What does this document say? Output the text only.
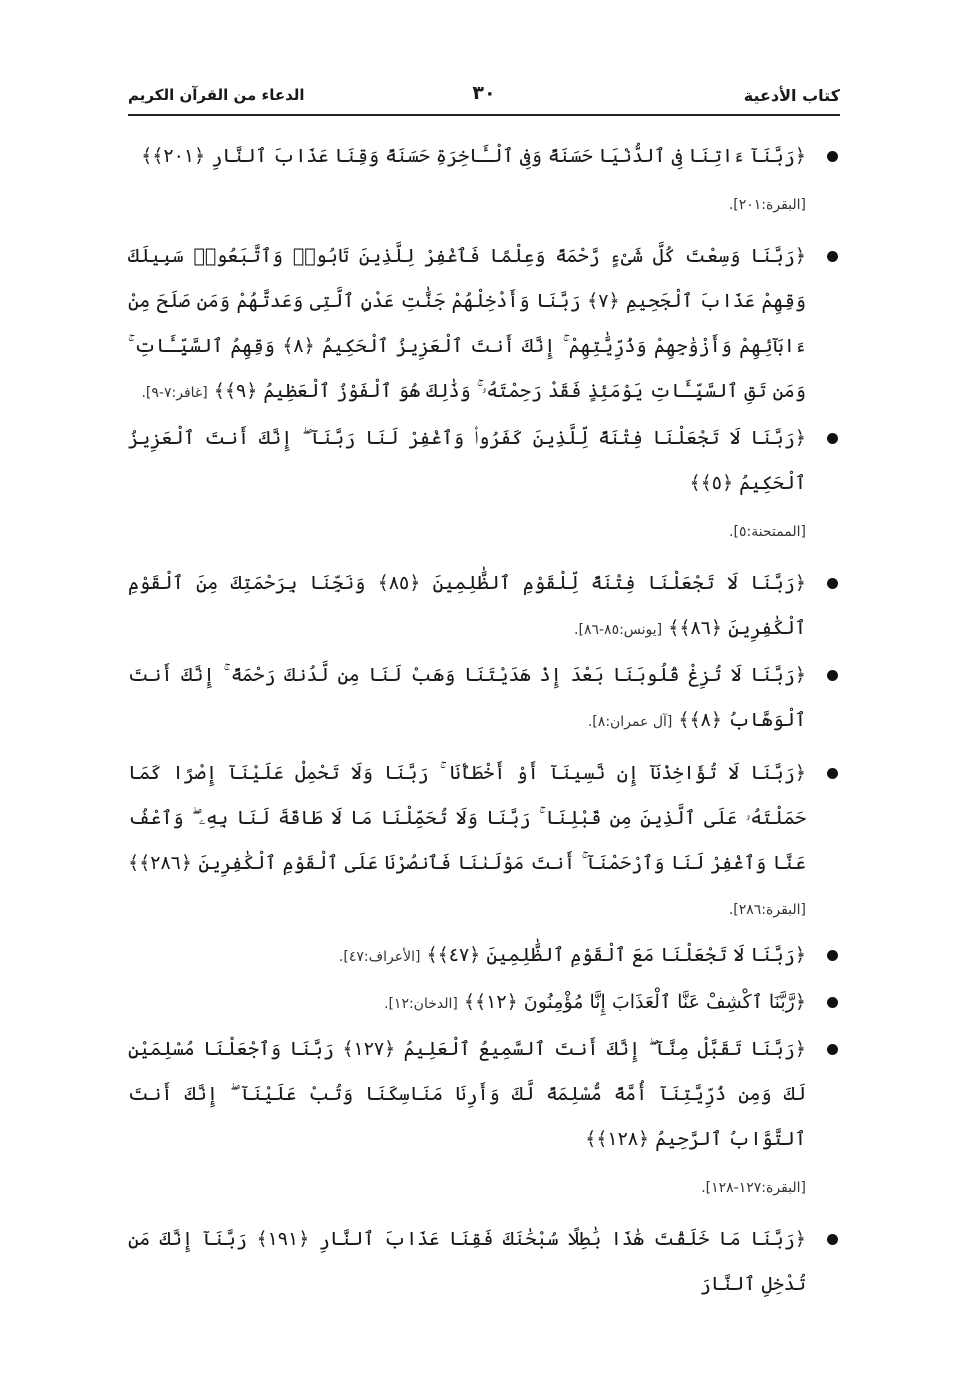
الدعاء من القرآن الكريم	٣٠	كتاب الأدعية
﴿رَبَّنَآ ءَاتِنَا فِى ٱلدُّنْيَا حَسَنَةً وَفِى ٱلْـَٔاخِرَةِ حَسَنَةً وَقِنَا عَذَابَ ٱلنَّارِ ﴿٢٠١﴾﴾
[البقرة:٢٠١].
﴿رَبَّنَا وَسِعْتَ كُلَّ شَىْءٍ رَّحْمَةً وَعِلْمًا فَٱغْفِرْ لِلَّذِينَ تَابُوا۟ وَٱتَّبَعُوا۟ سَبِيلَكَ وَقِهِمْ عَذَابَ ٱلْجَحِيمِ ﴿٧﴾ رَبَّنَا وَأَدْخِلْهُمْ جَنَّٰتِ عَدْنٍ ٱلَّتِى وَعَدتَّهُمْ وَمَن صَلَحَ مِنْ ءَابَآئِهِمْ وَأَزْوَٰجِهِمْ وَذُرِّيَّٰتِهِمْ ۚ إِنَّكَ أَنتَ ٱلْعَزِيزُ ٱلْحَكِيمُ ﴿٨﴾ وَقِهِمُ ٱلسَّيِّـَٔاتِ ۚ وَمَن تَقِ ٱلسَّيِّـَٔاتِ يَوْمَئِذٍ فَقَدْ رَحِمْتَهُۥ ۚ وَذَٰلِكَ هُوَ ٱلْفَوْزُ ٱلْعَظِيمُ ﴿٩﴾﴾ [غافر:٧-٩].
﴿رَبَّنَا لَا تَجْعَلْنَا فِتْنَةً لِّلَّذِينَ كَفَرُوا۟ وَٱغْفِرْ لَنَا رَبَّنَآ ۖ إِنَّكَ أَنتَ ٱلْعَزِيزُ ٱلْحَكِيمُ ﴿٥﴾﴾
[الممتحنة:٥].
﴿رَبَّنَا لَا تَجْعَلْنَا فِتْنَةً لِّلْقَوْمِ ٱلظَّٰلِمِينَ ﴿٨٥﴾ وَنَجِّنَا بِرَحْمَتِكَ مِنَ ٱلْقَوْمِ ٱلْكَٰفِرِينَ ﴿٨٦﴾﴾ [يونس:٨٥-٨٦].
﴿رَبَّنَا لَا تُزِغْ قُلُوبَنَا بَعْدَ إِذْ هَدَيْتَنَا وَهَبْ لَنَا مِن لَّدُنكَ رَحْمَةً ۚ إِنَّكَ أَنتَ ٱلْوَهَّابُ ﴿٨﴾﴾ [آل عمران:٨].
﴿رَبَّنَا لَا تُؤَاخِذْنَآ إِن نَّسِينَآ أَوْ أَخْطَأْنَا ۚ رَبَّنَا وَلَا تَحْمِلْ عَلَيْنَآ إِصْرًا كَمَا حَمَلْتَهُۥ عَلَى ٱلَّذِينَ مِن قَبْلِنَا ۚ رَبَّنَا وَلَا تُحَمِّلْنَا مَا لَا طَاقَةَ لَنَا بِهِۦ ۖ وَٱعْفُ عَنَّا وَٱغْفِرْ لَنَا وَٱرْحَمْنَآ ۚ أَنتَ مَوْلَىٰنَا فَٱنصُرْنَا عَلَى ٱلْقَوْمِ ٱلْكَٰفِرِينَ ﴿٢٨٦﴾﴾ [البقرة:٢٨٦].
﴿رَبَّنَا لَا تَجْعَلْنَا مَعَ ٱلْقَوْمِ ٱلظَّٰلِمِينَ ﴿٤٧﴾﴾ [الأعراف:٤٧].
﴿رَّبَّنَا ٱكْشِفْ عَنَّا ٱلْعَذَابَ إِنَّا مُؤْمِنُونَ ﴿١٢﴾﴾ [الدخان:١٢].
﴿رَبَّنَا تَقَبَّلْ مِنَّآ ۖ إِنَّكَ أَنتَ ٱلسَّمِيعُ ٱلْعَلِيمُ ﴿١٢٧﴾ رَبَّنَا وَٱجْعَلْنَا مُسْلِمَيْنِ لَكَ وَمِن ذُرِّيَّتِنَآ أُمَّةً مُّسْلِمَةً لَّكَ وَأَرِنَا مَنَاسِكَنَا وَتُبْ عَلَيْنَآ ۖ إِنَّكَ أَنتَ ٱلتَّوَّابُ ٱلرَّحِيمُ ﴿١٢٨﴾﴾
[البقرة:١٢٧-١٢٨].
﴿رَبَّنَا مَا خَلَقْتَ هَٰذَا بَٰطِلًا سُبْحَٰنَكَ فَقِنَا عَذَابَ ٱلنَّارِ ﴿١٩١﴾ رَبَّنَآ إِنَّكَ مَن تُدْخِلِ ٱلنَّارَ
